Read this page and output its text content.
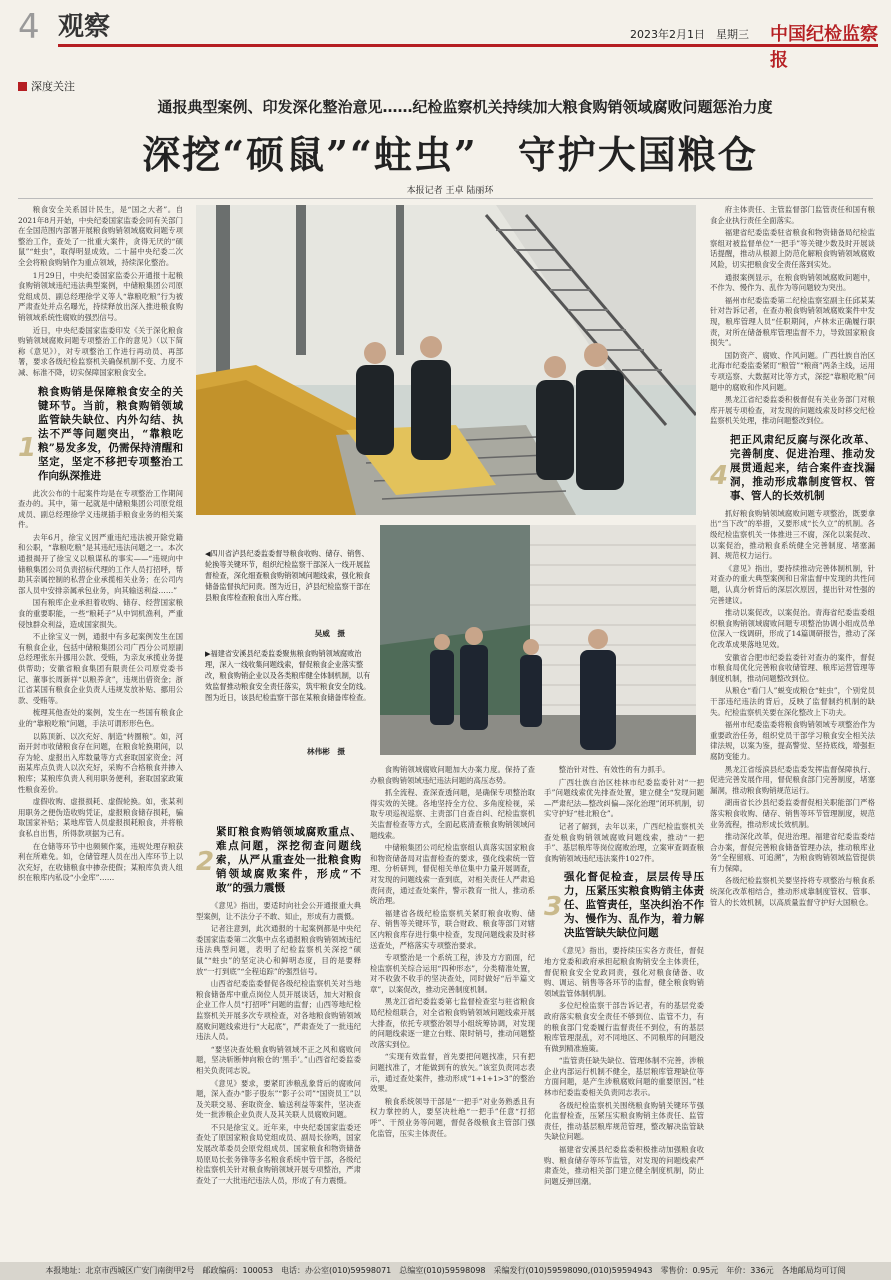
4 观察	2023年2月1日　星期三 中国纪检监察报
深度关注
通报典型案例、印发深化整治意见……纪检监察机关持续加大粮食购销领域腐败问题惩治力度
深挖“硕鼠”“蛀虫”　守护大国粮仓
本报记者 王卓 陆丽环

粮食安全关系国计民生，是“国之大者”。自2021年8月开始，中央纪委国家监委会同有关部门在全国范围内部署开展粮食购销领域腐败问题专项整治工作，查处了一批重大案件，贪得无厌的“硕鼠”“蛀虫”，取得明显成效。二十届中央纪委二次全会将粮食购销作为重点领域，持续深化整治。

1月29日，中央纪委国家监委公开通报十起粮食购销领域违纪违法典型案例，中储粮集团公司原党组成员、副总经理徐学义等人“靠粮吃粮”行为被严肃查处并点名曝光，持续释放出深入推进粮食购销领域系统性腐败的强烈信号。

近日，中央纪委国家监委印发《关于深化粮食购销领域腐败问题专项整治工作的意见》（以下简称《意见》），对专项整治工作进行再动员、再部署，要求各级纪检监察机关确保机制不变、力度不减、标准不降，切实保障国家粮食安全。

1
粮食购销是保障粮食安全的关键环节。当前，粮食购销领域监管缺失缺位、内外勾结、执法不严等问题突出，“靠粮吃粮”易发多发，仍需保持清醒和坚定，坚定不移把专项整治工作向纵深推进

此次公布的十起案件均是在专项整治工作期间查办的。其中，第一起就是中储粮集团公司原党组成员、副总经理徐学义违规插手粮食业务的相关案件。

去年6月，徐宝义因严重违纪违法被开除党籍和公职，“靠粮吃粮”是其违纪违法问题之一。本次通报揭开了徐宝义以粮谋私的事实——“违规向中储粮集团公司负责招标代理的工作人员打招呼，帮助其亲属控制的私营企业承揽相关业务；在公司内部人员中安排亲属承包业务，向其输送利益……”

国有粮库企业承担着收购、储存、经营国家粮食的重要职能，一些“粮耗子”从中饲机渔利，严重侵蚀群众利益，造成国家损失。

不止徐宝义一例，通报中有多起案例发生在国有粮食企业，包括中储粮集团公司广西分公司原副总经理张东升挪用公款、受贿，为亲友承揽业务提供帮助；安徽省粮食集团有限责任公司原党委书记、董事长周新祥“以粮养贪”，违规出借资金；浙江省某国有粮食企业负责人违规发放补贴、挪用公款、受贿等。

梳理其他查处的案例，发生在一些国有粮食企业的“靠粮吃粮”问题，手法可谓形形色色。

以陈顶新、以次充好、制造“转圈粮”。如，河南开封市收储粮食存在问题，在粮食轮换期间，以存为轮、虚报出入库数量等方式套取国家资金；河南某库点负责人以次充好，采购不合格粮食并掺入粮库；某粮库负责人利用职务便利，套取国家政策性粮食差价。

虚假收购、虚报损耗、虚假轮换。如，张某利用职务之便伪造收购凭证，虚报粮食储存损耗，骗取国家补贴；某地库管人员虚报损耗粮食，并将粮食私自出售，所得款项据为己有。

在仓储等环节中也频频作案，违规处理存粮获利在所难免。如，仓储管理人员在出入库环节上以次充好，在收储粮食中掺杂使假；某粮库负责人组织在粮库内私设“小金库”……

◀四川省泸县纪委监委督导粮食收购、储存、销售、轮换等关键环节，组织纪检监察干部深入一线开展监督检查，深化细查粮食购销领域问题线索，强化粮食储备监督执纪问责。图为近日，泸县纪检监察干部在县粮食库检查粮食出入库台账。
吴威　摄
▶福建省安溪县纪委监委聚焦粮食购销领域腐败治理，深入一线收集问题线索，督促粮食企业落实整改，粮食购销企业以及各类粮库健全体制机制，以有效监督推动粮食安全责任落实，筑牢粮食安全防线。图为近日，该县纪检监察干部在某粮食储备库检查。
林伟彬　摄
2
紧盯粮食购销领域腐败重点、难点问题，深挖彻查问题线索，从严从重查处一批粮食购销领域腐败案件，形成“不敢”的强力震慑

《意见》指出，要适时向社会公开通报重大典型案例，让不法分子不敢、知止，形成有力震慑。

记者注意到，此次通报的十起案例都是中央纪委国家监委第二次集中点名通报粮食购销领域违纪违法典型问题，表明了纪检监察机关深挖“硕鼠”“蛀虫”的坚定决心和鲜明态度，目的是要释放“一打到底”“全程追踪”的强烈信号。

山西省纪委监委督促各级纪检监察机关对当地粮食储备库中重点岗位人员开展谈话，加大对粮食企业工作人员“打招呼”问题的监督；山西等地纪检监察机关开展多次专项检查，对各地粮食购销领域腐败问题线索进行“大起底”，严肃查处了一批违纪违法人员。

“要坚决查处粮食购销领域不正之风和腐败问题，坚决斩断伸向粮仓的‘黑手’。”山西省纪委监委相关负责同志说。

《意见》要求，要紧盯涉粮乱象背后的腐败问题，深入查办“影子股东”“影子公司”“国资员工”以及关联交易、套取资金、输送利益等案件，坚决查处一批涉粮企业负责人及其关联人员腐败问题。

不只是徐宝义。近年来，中央纪委国家监委还查处了原国家粮食局党组成员、副局长徐鸣，国家发展改革委员会原党组成员、国家粮食和物资储备局原局长张务锋等多名粮食系统中管干部，各级纪检监察机关针对粮食购销领域开展专项整治，严肃查处了一大批违纪违法人员，形成了有力震慑。

食购销领域腐败问题加大办案力度。保持了查办粮食购销领域违纪违法问题的高压态势。

抓全流程、查深查透问题，是确保专项整治取得实效的关键。各地坚持全方位、多角度检视，采取专项巡视巡察、主责部门自查自纠、纪检监察机关监督检查等方式，全面起底清查粮食购销领域问题线索。

中储粮集团公司纪检监察组认真落实国家粮食和物资储备局对监督检查的要求，强化线索统一管理、分析研判，督促相关单位集中力量开展调查，对发现的问题线索一查到底，对相关责任人严肃追责问责，通过查处案件，警示教育一批人，推动系统治理。

福建省各级纪检监察机关紧盯粮食收购、储存、销售等关键环节，联合财政、粮食等部门对辖区内粮食库存进行集中检查，发现问题线索及时移送查处，严格落实专项整治要求。

专项整治是一个系统工程，涉及方方面面，纪检监察机关综合运用“四种形态”，分类精准处置，对不收敛不收手的坚决查处，同时做好“后半篇文章”，以案促改，推动完善制度机制。

黑龙江省纪委监委第七监督检查室与驻省粮食局纪检组联合，对全省粮食购销领域问题线索开展大排查，依托专项整治领导小组统筹协调，对发现的问题线索逐一建立台账、限时销号，推动问题整改落实到位。

“实现有效监督，首先要把问题找准，只有把问题找准了，才能做到有的放矢。”该室负责同志表示，通过查处案件，推动形成“1+1+1>3”的整治效果。

粮食系统领导干部是“一把手”对业务熟悉且有权力掌控的人，要坚决杜绝“一把手”任意“打招呼”、干预业务等问题，督促各级粮食主管部门强化监管，压实主体责任。

整治针对性、有效性的有力抓手。

广西壮族自治区桂林市纪委监委针对“一把手”问题线索优先排查处置，建立健全“发现问题—严肃纪法—整改纠偏—深化治理”闭环机制，切实守护好“桂北粮仓”。

记者了解到，去年以来，广西纪检监察机关查处粮食购销领域腐败问题线索，推动“一把手”、基层粮库等岗位腐败治理，立案审查调查粮食购销领域违纪违法案件1027件。

3
强化督促检查，层层传导压力，压紧压实粮食购销主体责任、监管责任，坚决纠治不作为、慢作为、乱作为，着力解决监管缺失缺位问题

《意见》指出，要持续压实各方责任，督促地方党委和政府承担起粮食购销安全主体责任，督促粮食安全党政同责，强化对粮食储备、收购、调运、销售等各环节的监督，健全粮食购销领域监管体制机制。

多位纪检监察干部告诉记者，有的基层党委政府落实粮食安全责任不够到位、监管不力，有的粮食部门党委履行监督责任不到位，有的基层粮库管理混乱，对不同地区、不同粮库的问题没有做到精准施策。

“监管责任缺失缺位、管理体制不完善，涉粮企业内部运行机制不健全，基层粮库管理缺位等方面问题，是产生涉粮腐败问题的重要原因。”桂林市纪委监委相关负责同志表示。

各级纪检监察机关围绕粮食购销关键环节强化监督检查，压紧压实粮食购销主体责任、监管责任，推动基层粮库规范管理，整改解决监管缺失缺位问题。

福建省安溪县纪委监委积极推动加强粮食收购、粮食储存等环节监管，对发现的问题线索严肃查处，推动相关部门建立健全制度机制，防止问题反弹回潮。

府主体责任、主管监督部门监管责任和国有粮食企业执行责任全面落实。

福建省纪委监委驻省粮食和物资储备局纪检监察组对被监督单位“一把手”等关键少数及时开展谈话提醒，推动从根源上防范化解粮食购销领域腐败风险，切实把粮食安全责任落到实处。

通报案例显示，在粮食购销领域腐败问题中，不作为、慢作为、乱作为等问题较为突出。

福州市纪委监委第二纪检监察室副主任邱某某针对告诉记者，在查办粮食购销领域腐败案件中发现，粮库管理人员“任职期间，卢林未正确履行职责，对所在储备粮库管理监督不力，导致国家粮食损失”。

国防资产、腐败、作风问题。广西壮族自治区北海市纪委监委紧盯“粮管”“粮商”两条主线，运用专项巡察、大数据对比等方式，深挖“靠粮吃粮”问题中的腐败和作风问题。

黑龙江省纪委监委积极督促有关业务部门对粮库开展专项检查，对发现的问题线索及时移交纪检监察机关处理，推动问题整改到位。

4
把正风肃纪反腐与深化改革、完善制度、促进治理、推动发展贯通起来，结合案件查找漏洞，推动形成靠制度管权、管事、管人的长效机制

抓好粮食购销领域腐败问题专项整治，既要拿出“当下改”的举措，又要形成“长久立”的机制。各级纪检监察机关一体推进三不腐，深化以案促改、以案促治，推动粮食系统健全完善制度、堵塞漏洞、规范权力运行。

《意见》指出，要持续推动完善体制机制，针对查办的重大典型案例和日常监督中发现的共性问题，认真分析背后的深层次原因，提出针对性强的完善建议。

推动以案促改，以案促治。青海省纪委监委组织粮食购销领域腐败问题专项整治协调小组成员单位深入一线调研，形成了14篇调研报告，推动了深化改革成果落地见效。

安徽省合肥市纪委监委针对查办的案件，督促市粮食局优化完善粮食收储管理、粮库运营管理等制度机制，推动问题整改到位。

从粮仓“看门人”蜕变成粮仓“蛀虫”，个别党员干部违纪违法的背后，反映了监督制约机制的缺失。纪检监察机关要在深化整改上下功夫。

福州市纪委监委将粮食购销领域专项整治作为重要政治任务，组织党员干部学习粮食安全相关法律法规，以案为鉴，提高警觉、坚持底线，增强拒腐防变能力。

黑龙江省绥滨县纪委监委发挥监督保障执行、促进完善发展作用，督促粮食部门完善制度，堵塞漏洞，推动粮食购销规范运行。

湖南省长沙县纪委监委督促相关职能部门严格落实粮食收购、储存、销售等环节管理制度，规范业务流程，推动形成长效机制。

推动深化改革，促进治理。福建省纪委监委结合办案，督促完善粮食储备管理办法，推动粮库业务“全程留痕、可追溯”，为粮食购销领域监管提供有力保障。

各级纪检监察机关要坚持将专项整治与粮食系统深化改革相结合，推动形成靠制度管权、管事、管人的长效机制，以高质量监督守护好大国粮仓。

本报地址：北京市西城区广安门南街甲2号　邮政编码：100053　电话：办公室(010)59598071　总编室(010)59598098　采编发行(010)59598090,(010)59594943　零售价：0.95元　年价：336元　各地邮局均可订阅
